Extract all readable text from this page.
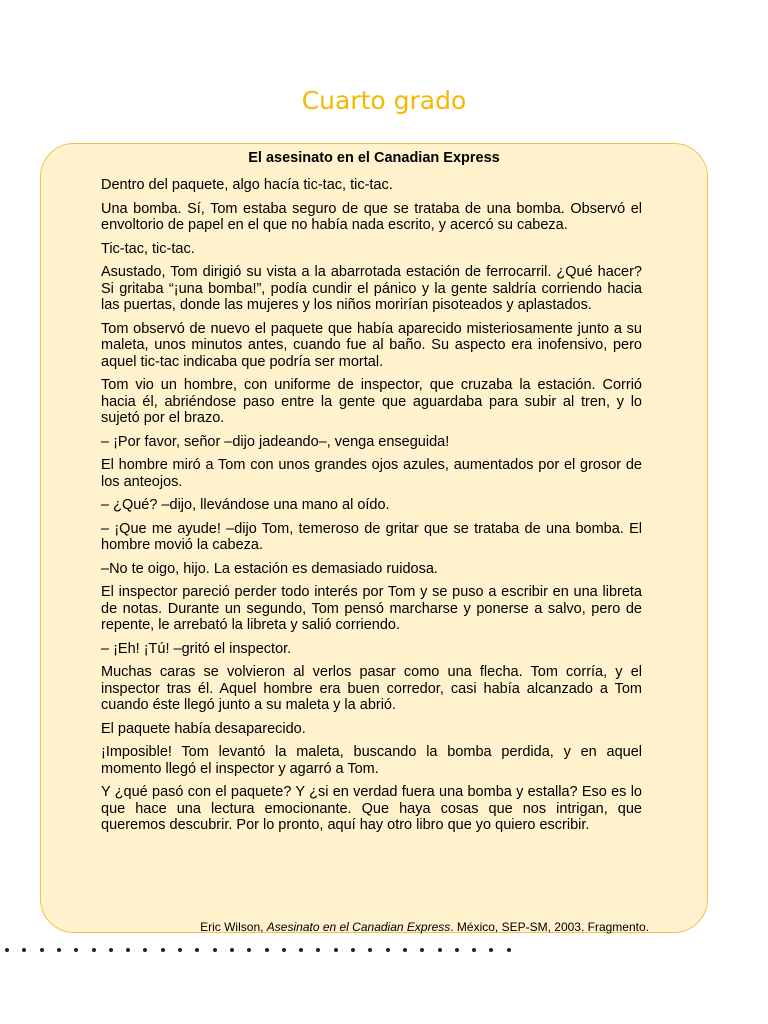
Cuarto grado
El asesinato en el Canadian Express

Dentro del paquete, algo hacía tic-tac, tic-tac.

Una bomba. Sí, Tom estaba seguro de que se trataba de una bomba. Observó el envoltorio de papel en el que no había nada escrito, y acercó su cabeza.

Tic-tac, tic-tac.

Asustado, Tom dirigió su vista a la abarrotada estación de ferrocarril. ¿Qué hacer? Si gritaba “¡una bomba!”, podía cundir el pánico y la gente saldría corriendo hacia las puertas, donde las mujeres y los niños morirían pisoteados y aplastados.

Tom observó de nuevo el paquete que había aparecido misteriosamente junto a su maleta, unos minutos antes, cuando fue al baño. Su aspecto era inofensivo, pero aquel tic-tac indicaba que podría ser mortal.

Tom vio un hombre, con uniforme de inspector, que cruzaba la estación. Corrió hacia él, abriéndose paso entre la gente que aguardaba para subir al tren, y lo sujetó por el brazo.

– ¡Por favor, señor –dijo jadeando–, venga enseguida!

El hombre miró a Tom con unos grandes ojos azules, aumentados por el grosor de los anteojos.

– ¿Qué? –dijo, llevándose una mano al oído.

– ¡Que me ayude! –dijo Tom, temeroso de gritar que se trataba de una bomba. El hombre movió la cabeza.

–No te oigo, hijo. La estación es demasiado ruidosa.

El inspector pareció perder todo interés por Tom y se puso a escribir en una libreta de notas. Durante un segundo, Tom pensó marcharse y ponerse a salvo, pero de repente, le arrebató la libreta y salió corriendo.

– ¡Eh! ¡Tú! –gritó el inspector.

Muchas caras se volvieron al verlos pasar como una flecha. Tom corría, y el inspector tras él. Aquel hombre era buen corredor, casi había alcanzado a Tom cuando éste llegó junto a su maleta y la abrió.

El paquete había desaparecido.

¡Imposible! Tom levantó la maleta, buscando la bomba perdida, y en aquel momento llegó el inspector y agarró a Tom.

Y ¿qué pasó con el paquete? Y ¿si en verdad fuera una bomba y estalla? Eso es lo que hace una lectura emocionante. Que haya cosas que nos intrigan, que queremos descubrir. Por lo pronto, aquí hay otro libro que yo quiero escribir.

Eric Wilson, Asesinato en el Canadian Express. México, SEP-SM, 2003. Fragmento.
